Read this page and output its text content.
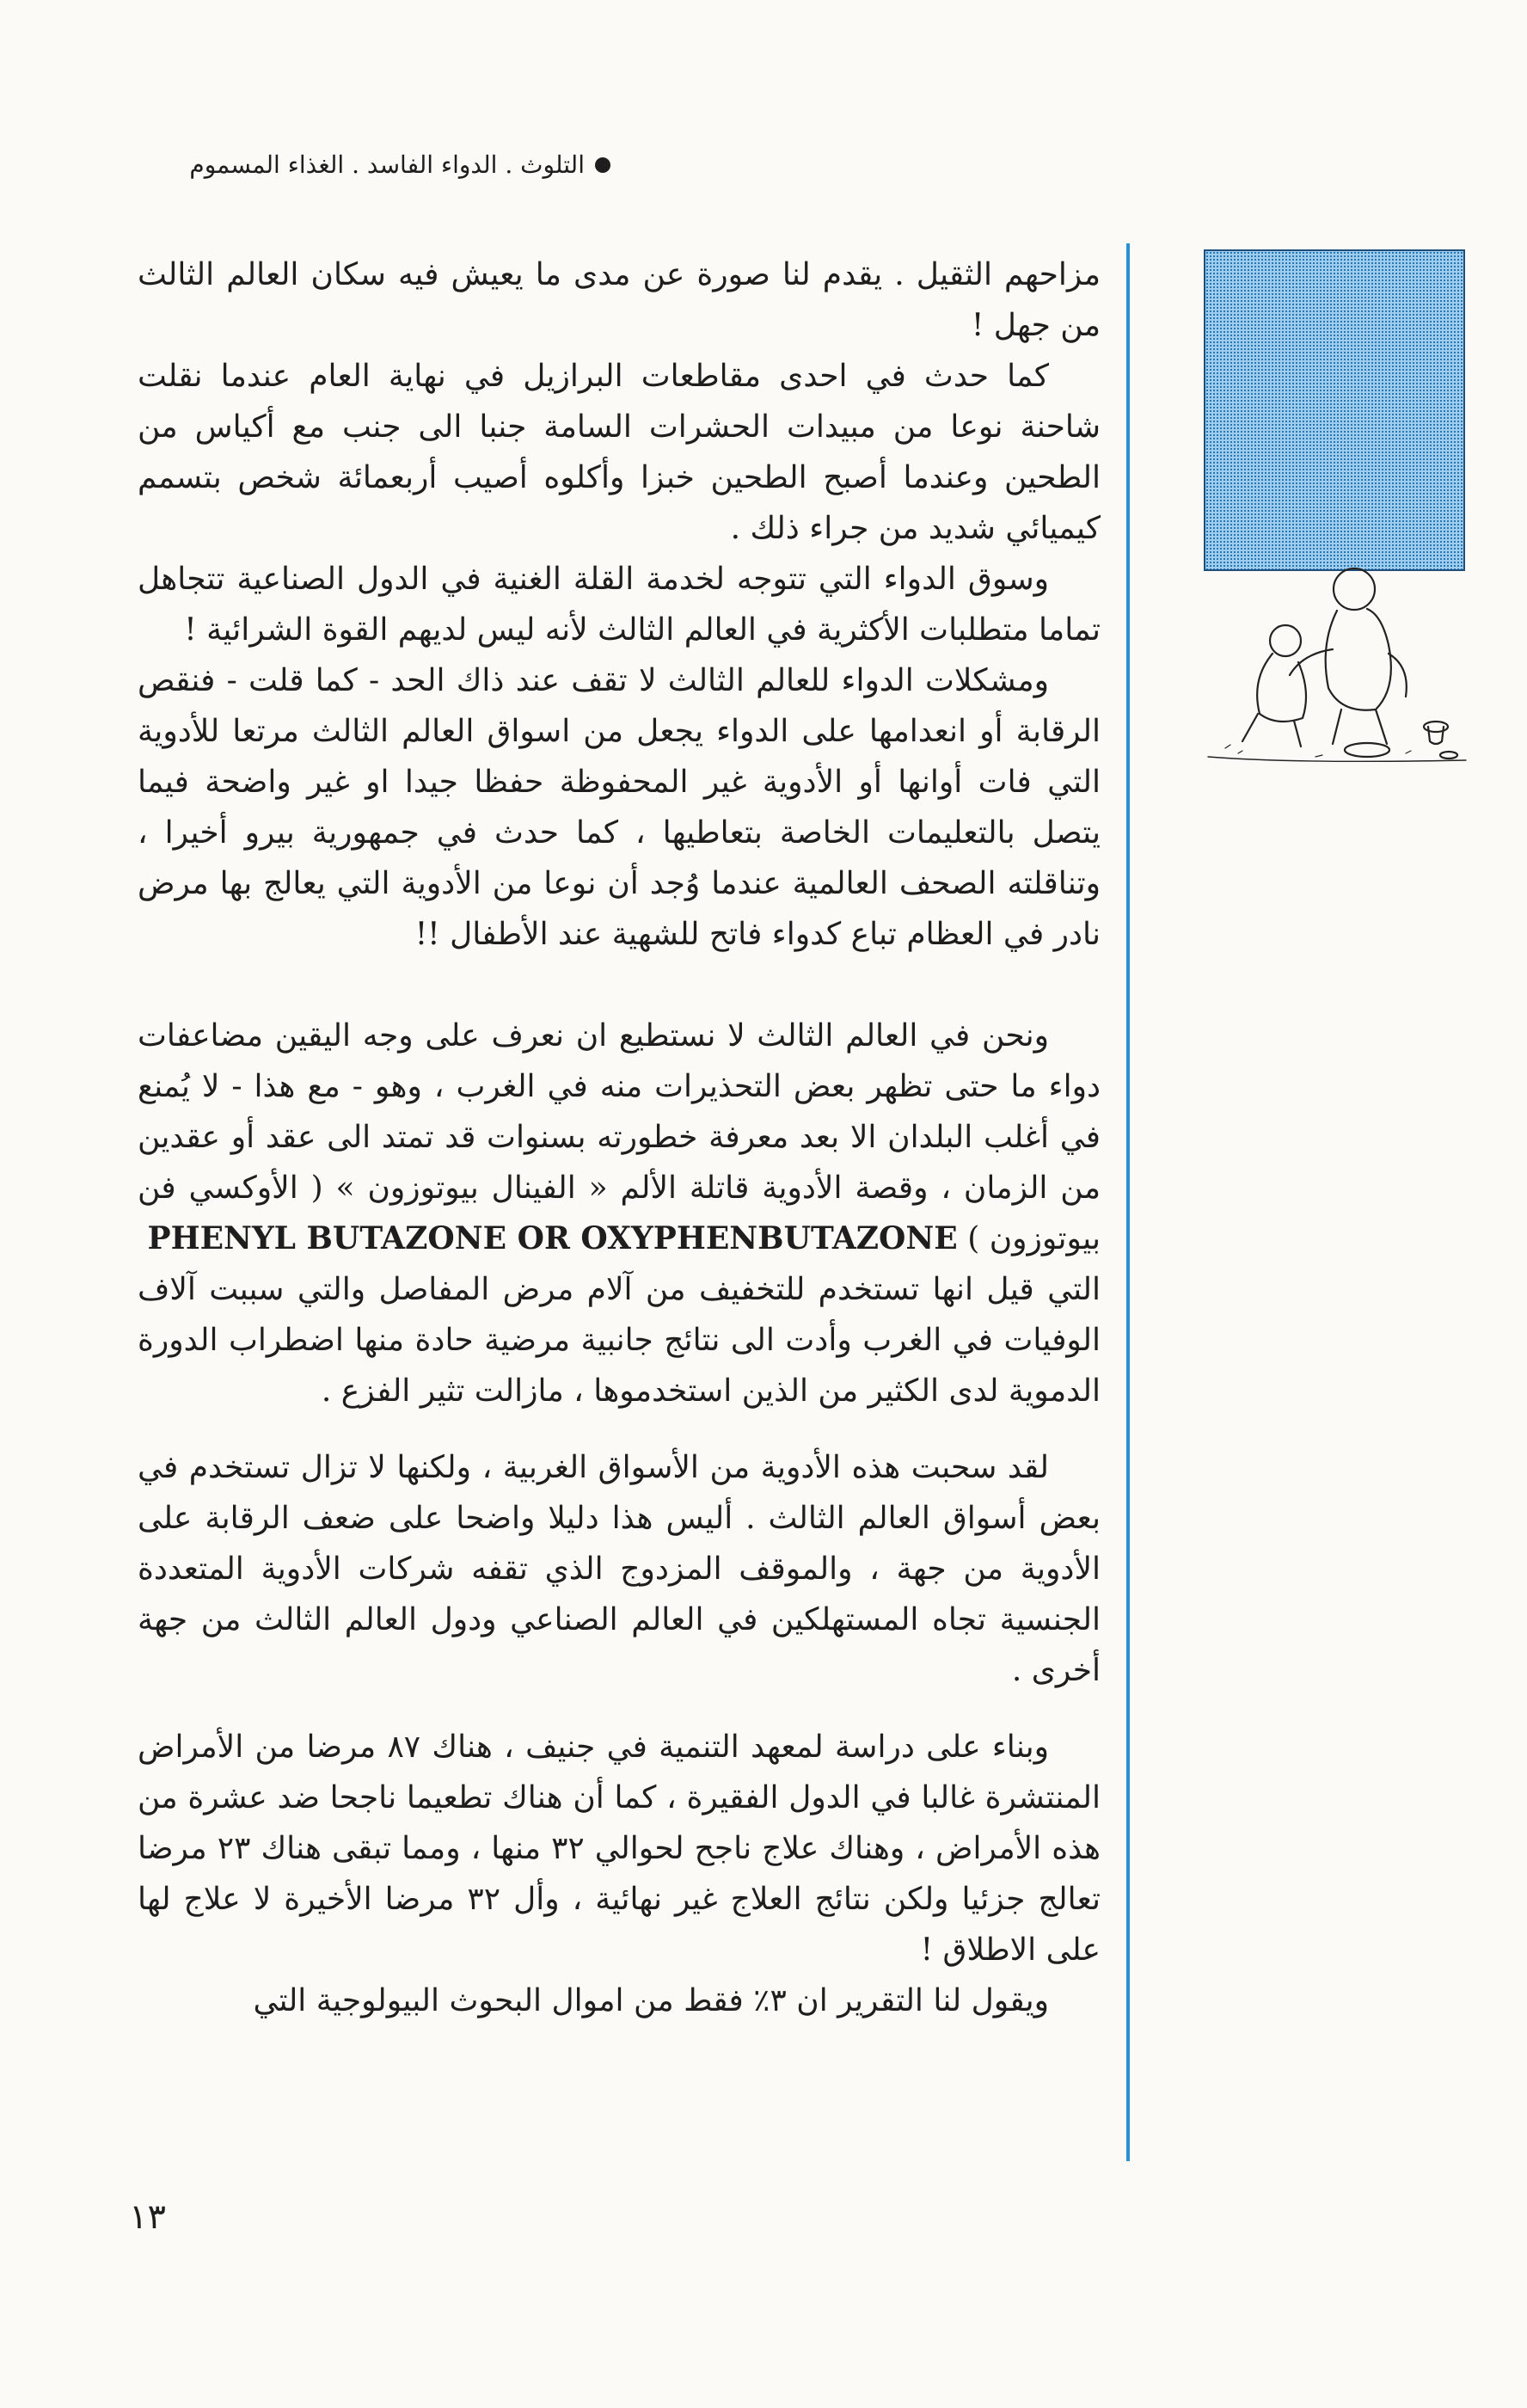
التلوث . الدواء الفاسد . الغذاء المسموم

مزاحهم الثقيل . يقدم لنا صورة عن مدى ما يعيش فيه سكان العالم الثالث من جهل !

كما حدث في احدى مقاطعات البرازيل في نهاية العام عندما نقلت شاحنة نوعا من مبيدات الحشرات السامة جنبا الى جنب مع أكياس من الطحين وعندما أصبح الطحين خبزا وأكلوه أصيب أربعمائة شخص بتسمم كيميائي شديد من جراء ذلك .

وسوق الدواء التي تتوجه لخدمة القلة الغنية في الدول الصناعية تتجاهل تماما متطلبات الأكثرية في العالم الثالث لأنه ليس لديهم القوة الشرائية !

ومشكلات الدواء للعالم الثالث لا تقف عند ذاك الحد - كما قلت - فنقص الرقابة أو انعدامها على الدواء يجعل من اسواق العالم الثالث مرتعا للأدوية التي فات أوانها أو الأدوية غير المحفوظة حفظا جيدا او غير واضحة فيما يتصل بالتعليمات الخاصة بتعاطيها ، كما حدث في جمهورية بيرو أخيرا ، وتناقلته الصحف العالمية عندما وُجد أن نوعا من الأدوية التي يعالج بها مرض نادر في العظام تباع كدواء فاتح للشهية عند الأطفال !!

ونحن في العالم الثالث لا نستطيع ان نعرف على وجه اليقين مضاعفات دواء ما حتى تظهر بعض التحذيرات منه في الغرب ، وهو - مع هذا - لا يُمنع في أغلب البلدان الا بعد معرفة خطورته بسنوات قد تمتد الى عقد أو عقدين من الزمان ، وقصة الأدوية قاتلة الألم « الفينال بيوتوزون » ( الأوكسي فن بيوتوزون ) PHENYL BUTAZONE OR OXYPHENBUTAZONE

التي قيل انها تستخدم للتخفيف من آلام مرض المفاصل والتي سببت آلاف الوفيات في الغرب وأدت الى نتائج جانبية مرضية حادة منها اضطراب الدورة الدموية لدى الكثير من الذين استخدموها ، مازالت تثير الفزع .

لقد سحبت هذه الأدوية من الأسواق الغربية ، ولكنها لا تزال تستخدم في بعض أسواق العالم الثالث . أليس هذا دليلا واضحا على ضعف الرقابة على الأدوية من جهة ، والموقف المزدوج الذي تقفه شركات الأدوية المتعددة الجنسية تجاه المستهلكين في العالم الصناعي ودول العالم الثالث من جهة أخرى .

وبناء على دراسة لمعهد التنمية في جنيف ، هناك ٨٧ مرضا من الأمراض المنتشرة غالبا في الدول الفقيرة ، كما أن هناك تطعيما ناجحا ضد عشرة من هذه الأمراض ، وهناك علاج ناجح لحوالي ٣٢ منها ، ومما تبقى هناك ٢٣ مرضا تعالج جزئيا ولكن نتائج العلاج غير نهائية ، وأل ٣٢ مرضا الأخيرة لا علاج لها على الاطلاق !

ويقول لنا التقرير ان ٣٪ فقط من اموال البحوث البيولوجية التي

١٣
